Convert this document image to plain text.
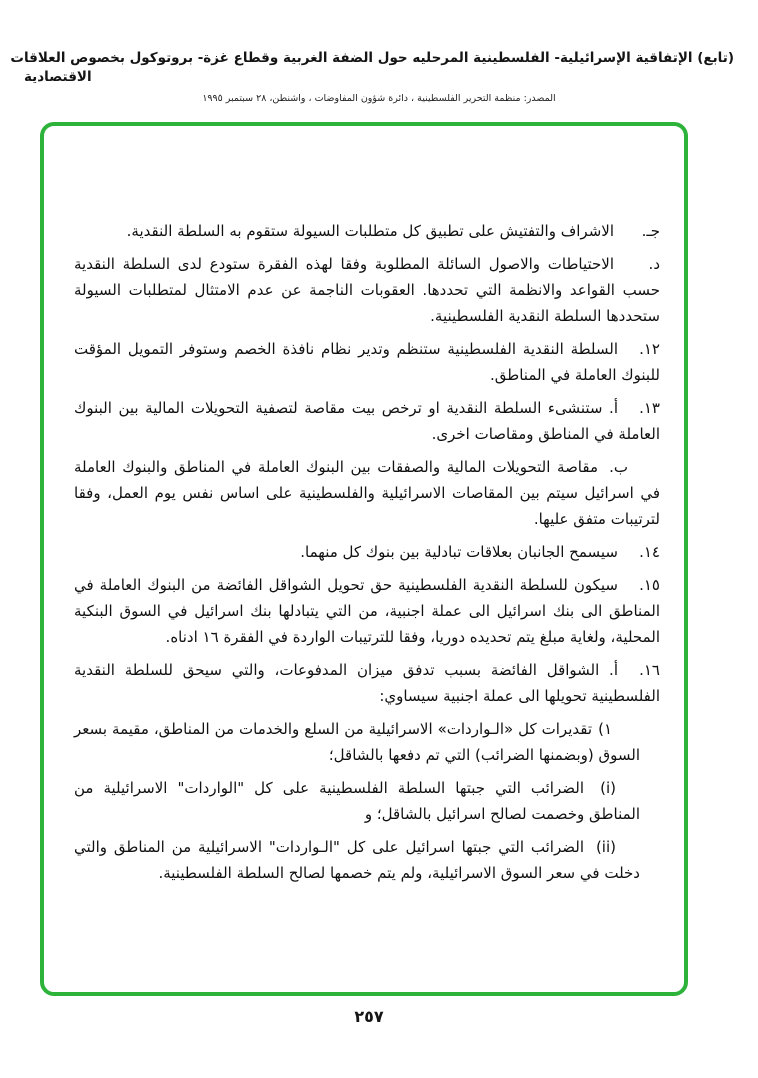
(تابع) الإتفاقية الإسرائيلية- الفلسطينية المرحليه حول الضفة الغربية وقطاع غزة- بروتوكول بخصوص العلاقات
الاقتصادية
المصدر: منظمة التحرير الفلسطينية ، دائرة شؤون المفاوضات ، واشنطن، ٢٨ سبتمبر ١٩٩٥
جـ.الاشراف والتفتيش على تطبيق كل متطلبات السيولة ستقوم به السلطة النقدية.
د.الاحتياطات والاصول السائلة المطلوبة وفقا لهذه الفقرة ستودع لدى السلطة النقدية حسب القواعد والانظمة التي تحددها. العقوبات الناجمة عن عدم الامتثال لمتطلبات السيولة ستحددها السلطة النقدية الفلسطينية.
١٢.السلطة النقدية الفلسطينية ستنظم وتدير نظام نافذة الخصم وستوفر التمويل المؤقت للبنوك العاملة في المناطق.
١٣.أ. ستنشىء السلطة النقدية او ترخص بيت مقاصة لتصفية التحويلات المالية بين البنوك العاملة في المناطق ومقاصات اخرى.
ب.مقاصة التحويلات المالية والصفقات بين البنوك العاملة في المناطق والبنوك العاملة في اسرائيل سيتم بين المقاصات الاسرائيلية والفلسطينية على اساس نفس يوم العمل، وفقا لترتيبات متفق عليها.
١٤.سيسمح الجانبان بعلاقات تبادلية بين بنوك كل منهما.
١٥.سيكون للسلطة النقدية الفلسطينية حق تحويل الشواقل الفائضة من البنوك العاملة في المناطق الى بنك اسرائيل الى عملة اجنبية، من التي يتبادلها بنك اسرائيل في السوق البنكية المحلية، ولغاية مبلغ يتم تحديده دوريا، وفقا للترتيبات الواردة في الفقرة ١٦ ادناه.
١٦.أ. الشواقل الفائضة بسبب تدفق ميزان المدفوعات، والتي سيحق للسلطة النقدية الفلسطينية تحويلها الى عملة اجنبية سيساوي:
١)تقديرات كل «الـواردات» الاسرائيلية من السلع والخدمات من المناطق، مقيمة بسعر السوق (وبضمنها الضرائب) التي تم دفعها بالشاقل؛
(i)الضرائب التي جبتها السلطة الفلسطينية على كل "الواردات" الاسرائيلية من المناطق وخصمت لصالح اسرائيل بالشاقل؛ و
(ii)الضرائب التي جبتها اسرائيل على كل "الـواردات" الاسرائيلية من المناطق والتي دخلت في سعر السوق الاسرائيلية، ولم يتم خصمها لصالح السلطة الفلسطينية.
٢٥٧
